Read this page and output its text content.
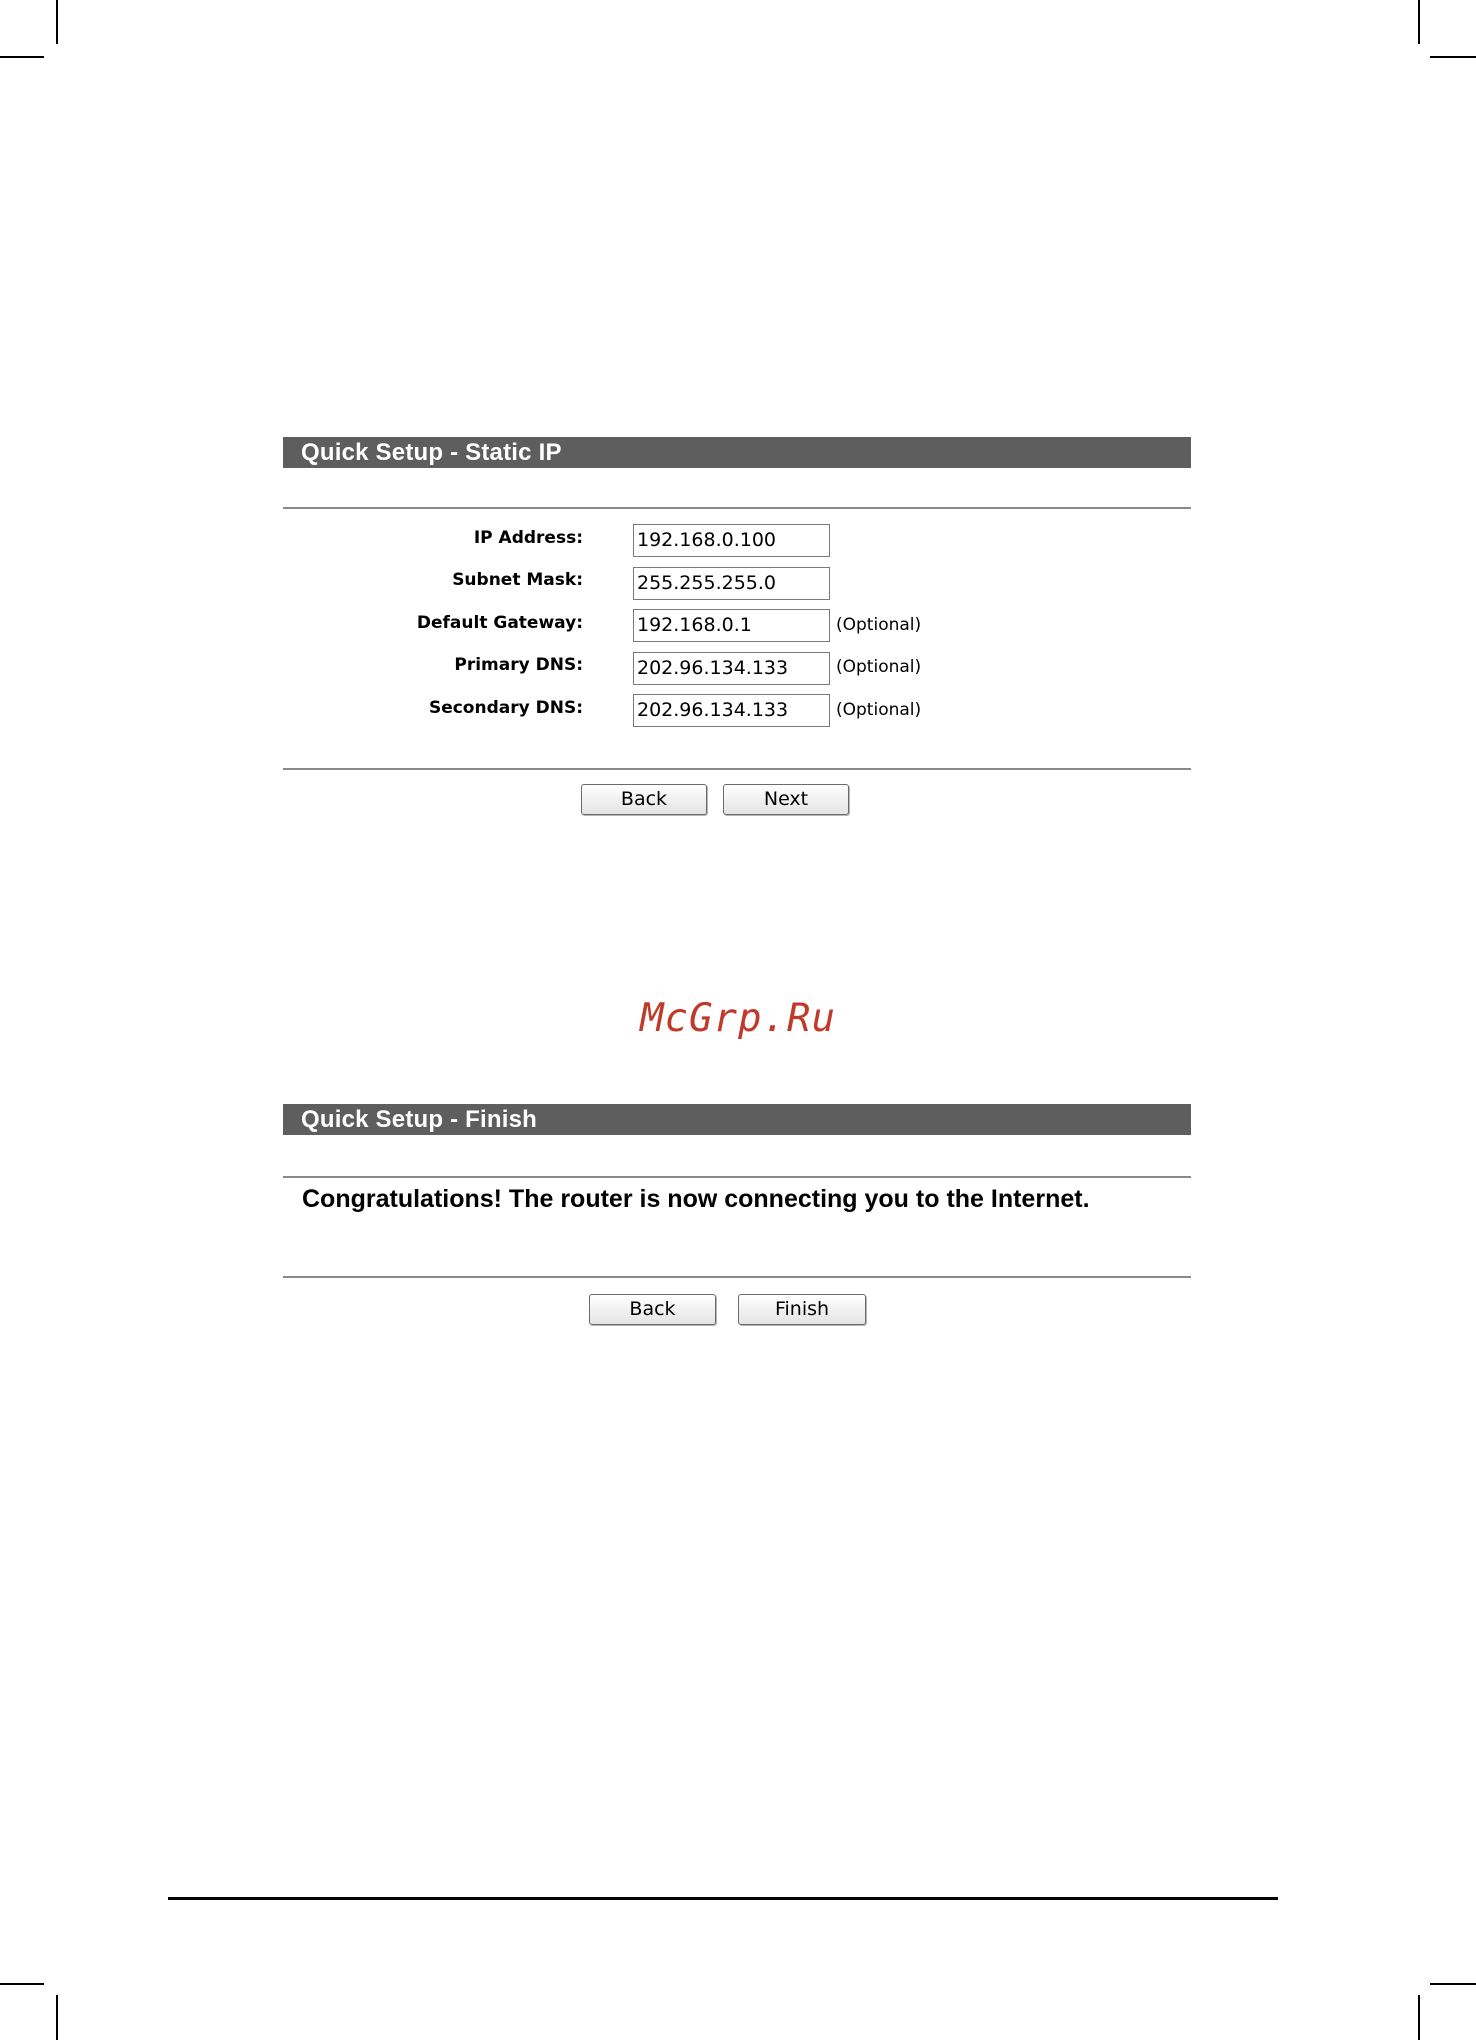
Quick Setup - Static IP
IP Address:	192.168.0.100
Subnet Mask:	255.255.255.0
Default Gateway:	192.168.0.1	(Optional)
Primary DNS:	202.96.134.133	(Optional)
Secondary DNS:	202.96.134.133	(Optional)
Back	Next
McGrp.Ru
Quick Setup - Finish
Congratulations! The router is now connecting you to the Internet.
Back	Finish
